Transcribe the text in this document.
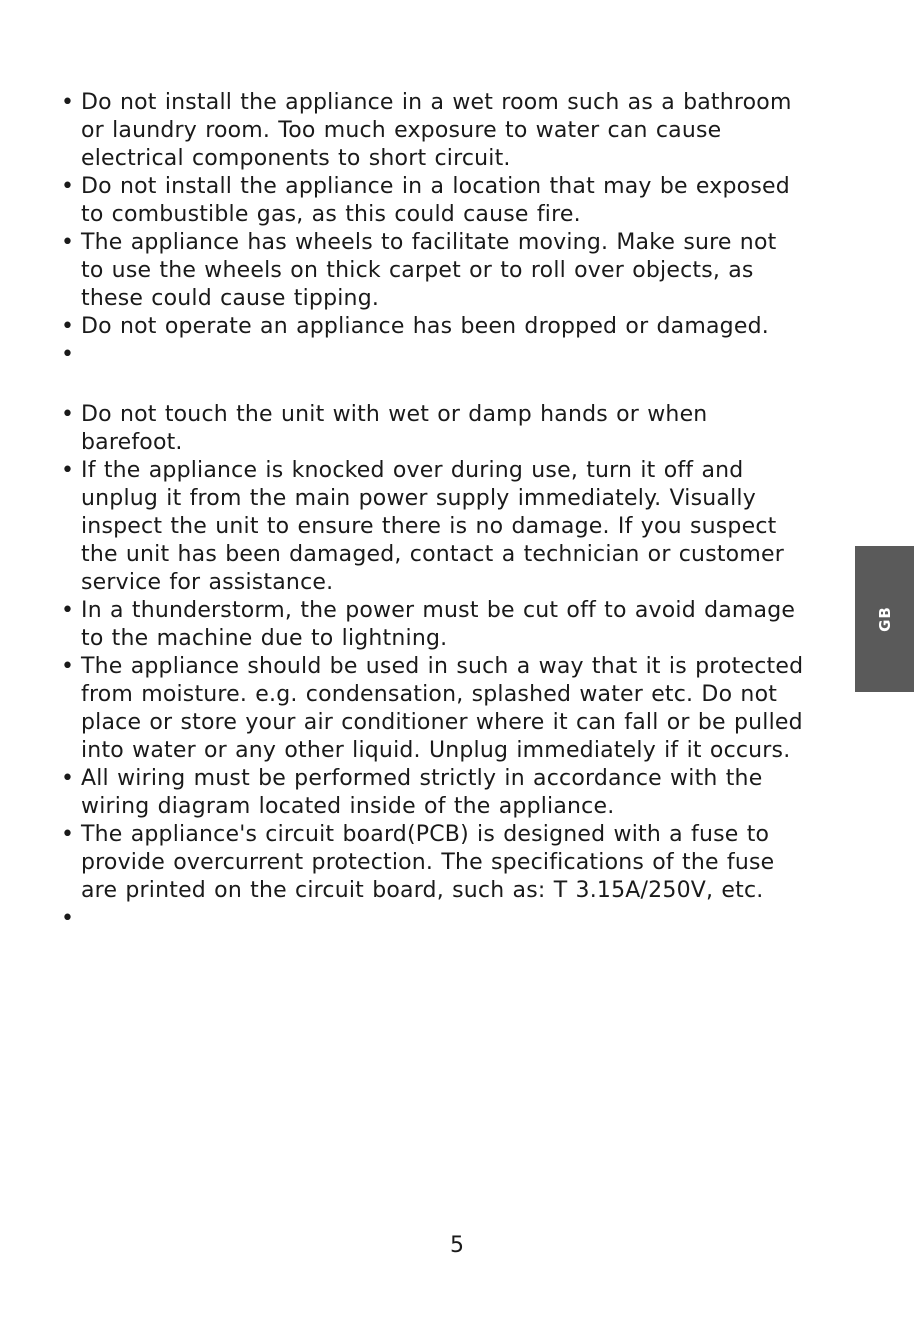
• Do not install the appliance in a wet room such as a bathroom
or laundry room. Too much exposure to water can cause
electrical components to short circuit.
• Do not install the appliance in a location that may be exposed
to combustible gas, as this could cause fire.
• The appliance has wheels to facilitate moving. Make sure not
to use the wheels on thick carpet or to roll over objects, as
these could cause tipping.
• Do not operate an appliance has been dropped or damaged.
•
• Do not touch the unit with wet or damp hands or when
barefoot.
• If the appliance is knocked over during use, turn it off and
unplug it from the main power supply immediately. Visually
inspect the unit to ensure there is no damage. If you suspect
the unit has been damaged, contact a technician or customer
service for assistance.
• In a thunderstorm, the power must be cut off to avoid damage
to the machine due to lightning.
• The appliance should be used in such a way that it is protected
from moisture. e.g. condensation, splashed water etc. Do not
place or store your air conditioner where it can fall or be pulled
into water or any other liquid. Unplug immediately if it occurs.
• All wiring must be performed strictly in accordance with the
wiring diagram located inside of the appliance.
• The appliance's circuit board(PCB) is designed with a fuse to
provide overcurrent protection. The specifications of the fuse
are printed on the circuit board, such as: T 3.15A/250V, etc.
•
GB
5
